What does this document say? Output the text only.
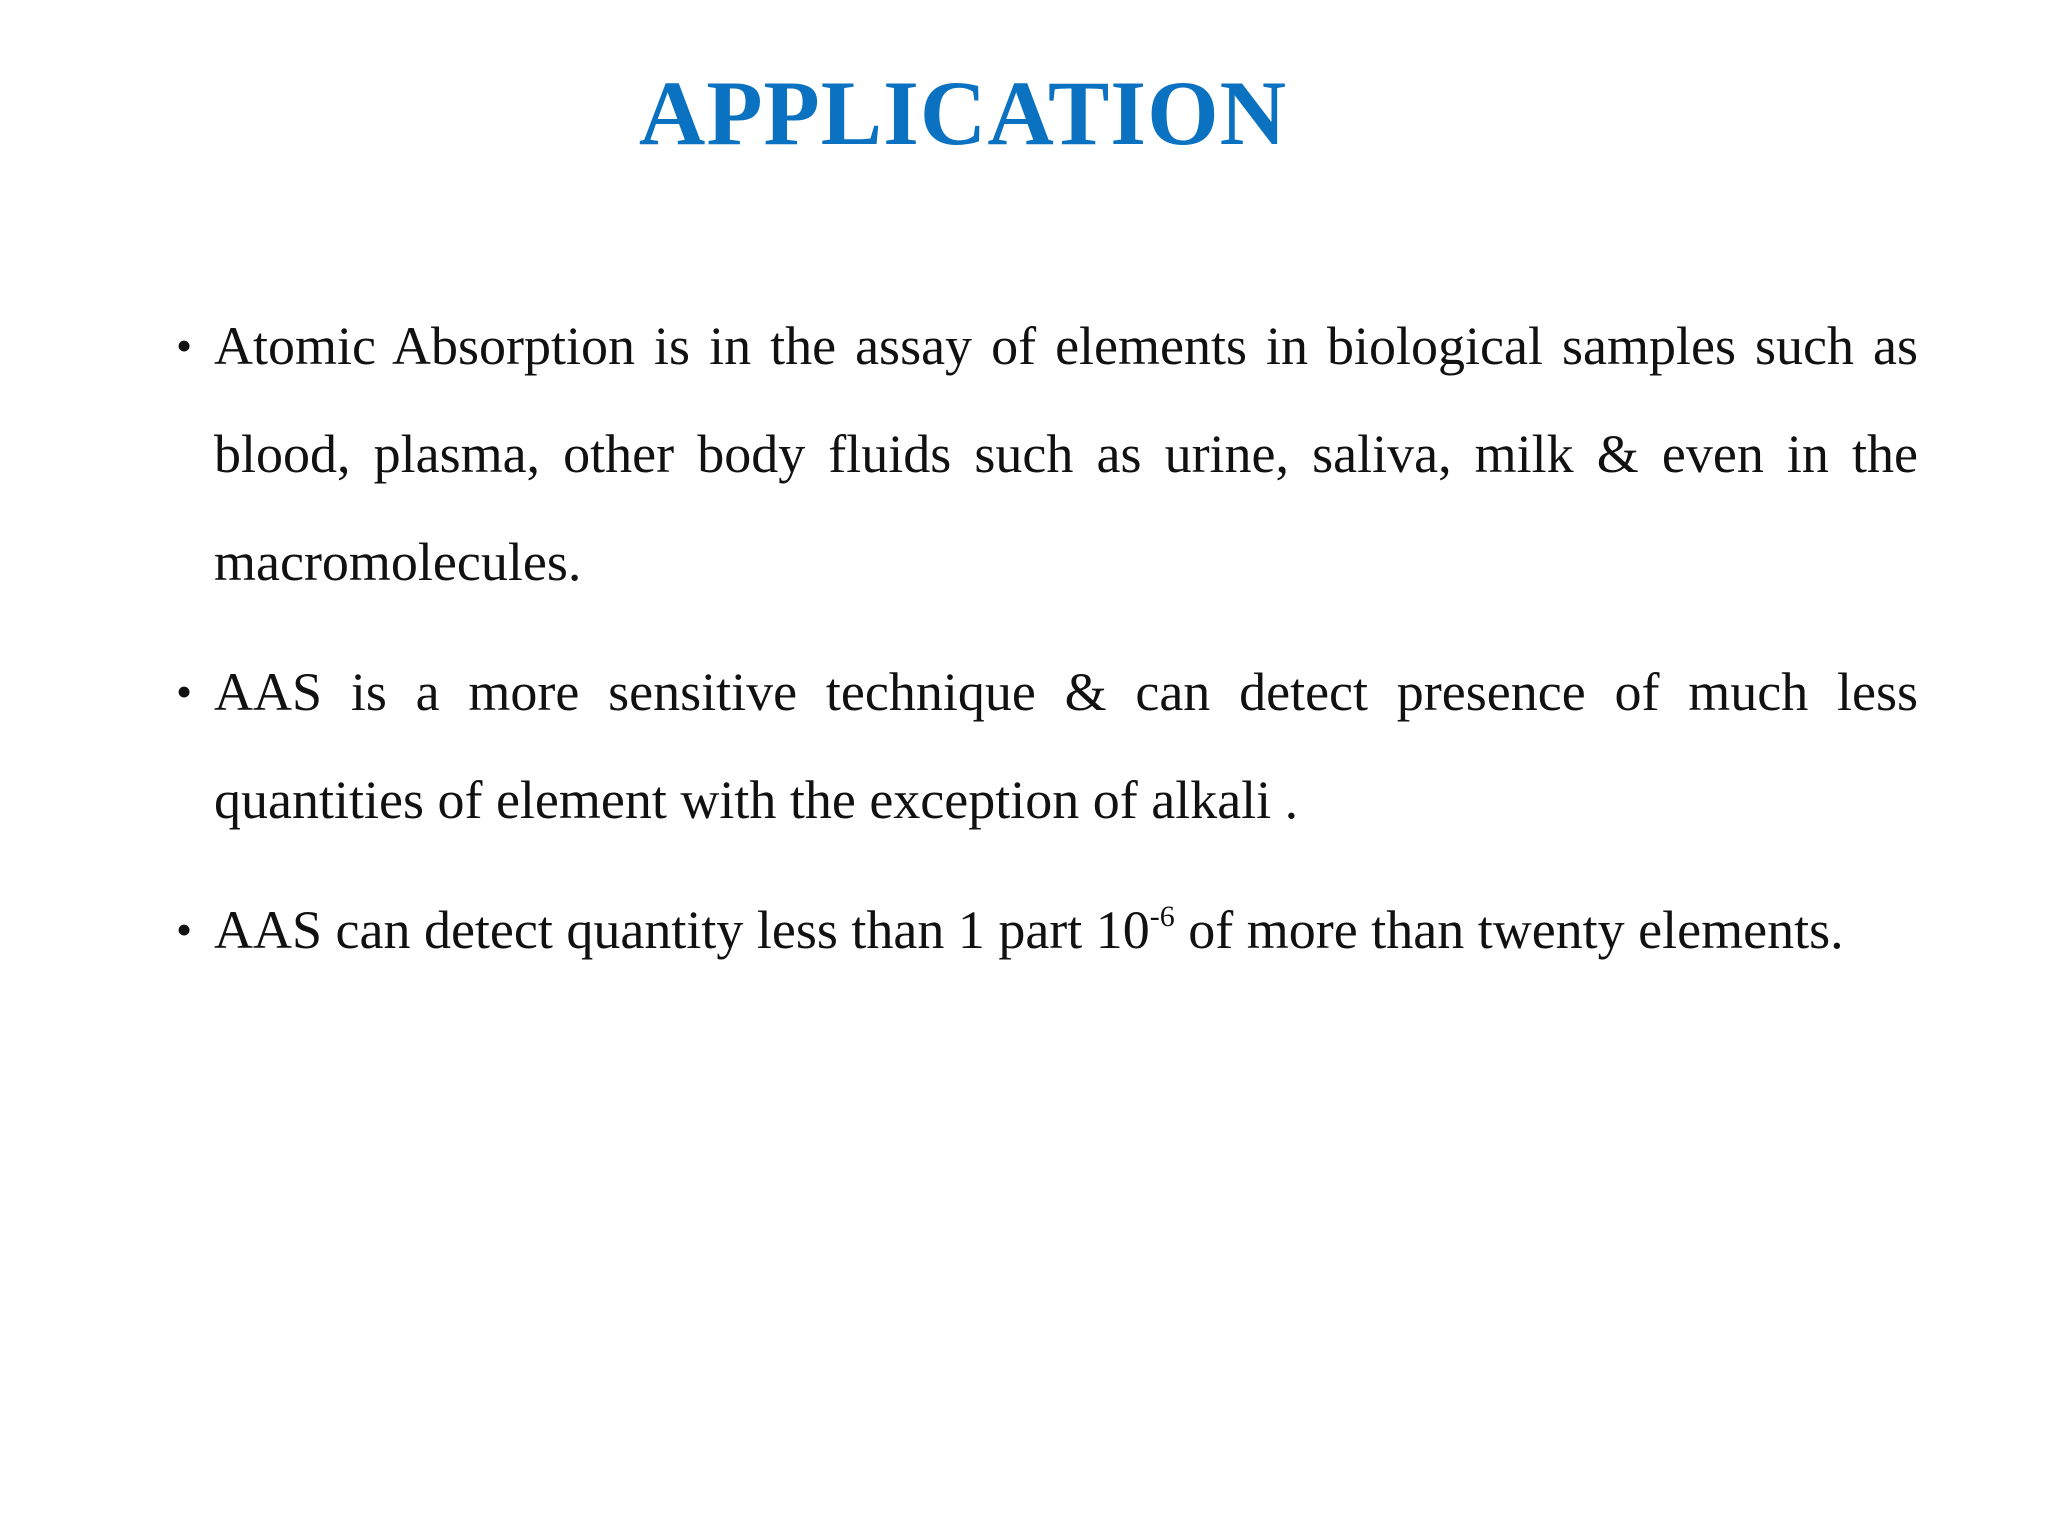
APPLICATION
• Atomic Absorption is in the assay of elements in biological samples such as blood, plasma, other body fluids such as urine, saliva, milk & even in the macromolecules.
• AAS is a more sensitive technique & can detect presence of much less quantities of element with the exception of alkali .
• AAS can detect quantity less than 1 part $10^{-6}$ of more than twenty elements.
